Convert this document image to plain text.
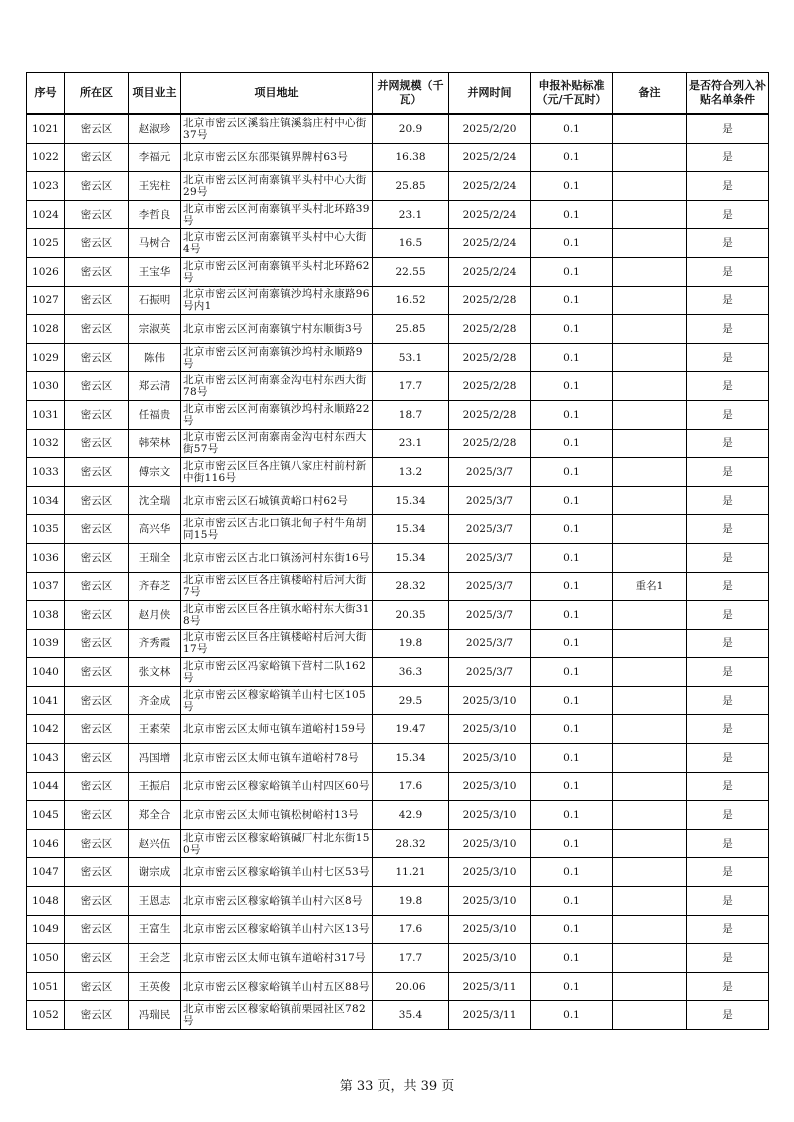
序号	所在区	项目业主	项目地址	并网规模（千瓦）	并网时间	申报补贴标准（元/千瓦时）	备注	是否符合列入补贴名单条件
1021	密云区	赵淑珍	北京市密云区溪翁庄镇溪翁庄村中心街37号	20.9	2025/2/20	0.1		是
1022	密云区	李福元	北京市密云区东邵渠镇界牌村63号	16.38	2025/2/24	0.1		是
1023	密云区	王宪柱	北京市密云区河南寨镇平头村中心大街29号	25.85	2025/2/24	0.1		是
1024	密云区	李哲良	北京市密云区河南寨镇平头村北环路39号	23.1	2025/2/24	0.1		是
1025	密云区	马树合	北京市密云区河南寨镇平头村中心大街4号	16.5	2025/2/24	0.1		是
1026	密云区	王宝华	北京市密云区河南寨镇平头村北环路62号	22.55	2025/2/24	0.1		是
1027	密云区	石振明	北京市密云区河南寨镇沙坞村永康路96号内1	16.52	2025/2/28	0.1		是
1028	密云区	宗淑英	北京市密云区河南寨镇宁村东顺街3号	25.85	2025/2/28	0.1		是
1029	密云区	陈伟	北京市密云区河南寨镇沙坞村永顺路9号	53.1	2025/2/28	0.1		是
1030	密云区	郑云清	北京市密云区河南寨金沟屯村东西大街78号	17.7	2025/2/28	0.1		是
1031	密云区	任福贵	北京市密云区河南寨镇沙坞村永顺路22号	18.7	2025/2/28	0.1		是
1032	密云区	韩荣林	北京市密云区河南寨南金沟屯村东西大街57号	23.1	2025/2/28	0.1		是
1033	密云区	傅宗文	北京市密云区巨各庄镇八家庄村前村新中街116号	13.2	2025/3/7	0.1		是
1034	密云区	沈全瑞	北京市密云区石城镇黄峪口村62号	15.34	2025/3/7	0.1		是
1035	密云区	高兴华	北京市密云区古北口镇北甸子村牛角胡同15号	15.34	2025/3/7	0.1		是
1036	密云区	王瑞全	北京市密云区古北口镇汤河村东街16号	15.34	2025/3/7	0.1		是
1037	密云区	齐春芝	北京市密云区巨各庄镇楼峪村后河大街7号	28.32	2025/3/7	0.1	重名1	是
1038	密云区	赵月侠	北京市密云区巨各庄镇水峪村东大街318号	20.35	2025/3/7	0.1		是
1039	密云区	齐秀霞	北京市密云区巨各庄镇楼峪村后河大街17号	19.8	2025/3/7	0.1		是
1040	密云区	张文林	北京市密云区冯家峪镇下营村二队162号	36.3	2025/3/7	0.1		是
1041	密云区	齐金成	北京市密云区穆家峪镇羊山村七区105号	29.5	2025/3/10	0.1		是
1042	密云区	王素荣	北京市密云区太师屯镇车道峪村159号	19.47	2025/3/10	0.1		是
1043	密云区	冯国增	北京市密云区太师屯镇车道峪村78号	15.34	2025/3/10	0.1		是
1044	密云区	王振启	北京市密云区穆家峪镇羊山村四区60号	17.6	2025/3/10	0.1		是
1045	密云区	郑全合	北京市密云区太师屯镇松树峪村13号	42.9	2025/3/10	0.1		是
1046	密云区	赵兴伍	北京市密云区穆家峪镇碱厂村北东街150号	28.32	2025/3/10	0.1		是
1047	密云区	谢宗成	北京市密云区穆家峪镇羊山村七区53号	11.21	2025/3/10	0.1		是
1048	密云区	王恩志	北京市密云区穆家峪镇羊山村六区8号	19.8	2025/3/10	0.1		是
1049	密云区	王富生	北京市密云区穆家峪镇羊山村六区13号	17.6	2025/3/10	0.1		是
1050	密云区	王会芝	北京市密云区太师屯镇车道峪村317号	17.7	2025/3/10	0.1		是
1051	密云区	王英俊	北京市密云区穆家峪镇羊山村五区88号	20.06	2025/3/11	0.1		是
1052	密云区	冯瑞民	北京市密云区穆家峪镇前栗园社区782号	35.4	2025/3/11	0.1		是
第 33 页，共 39 页
